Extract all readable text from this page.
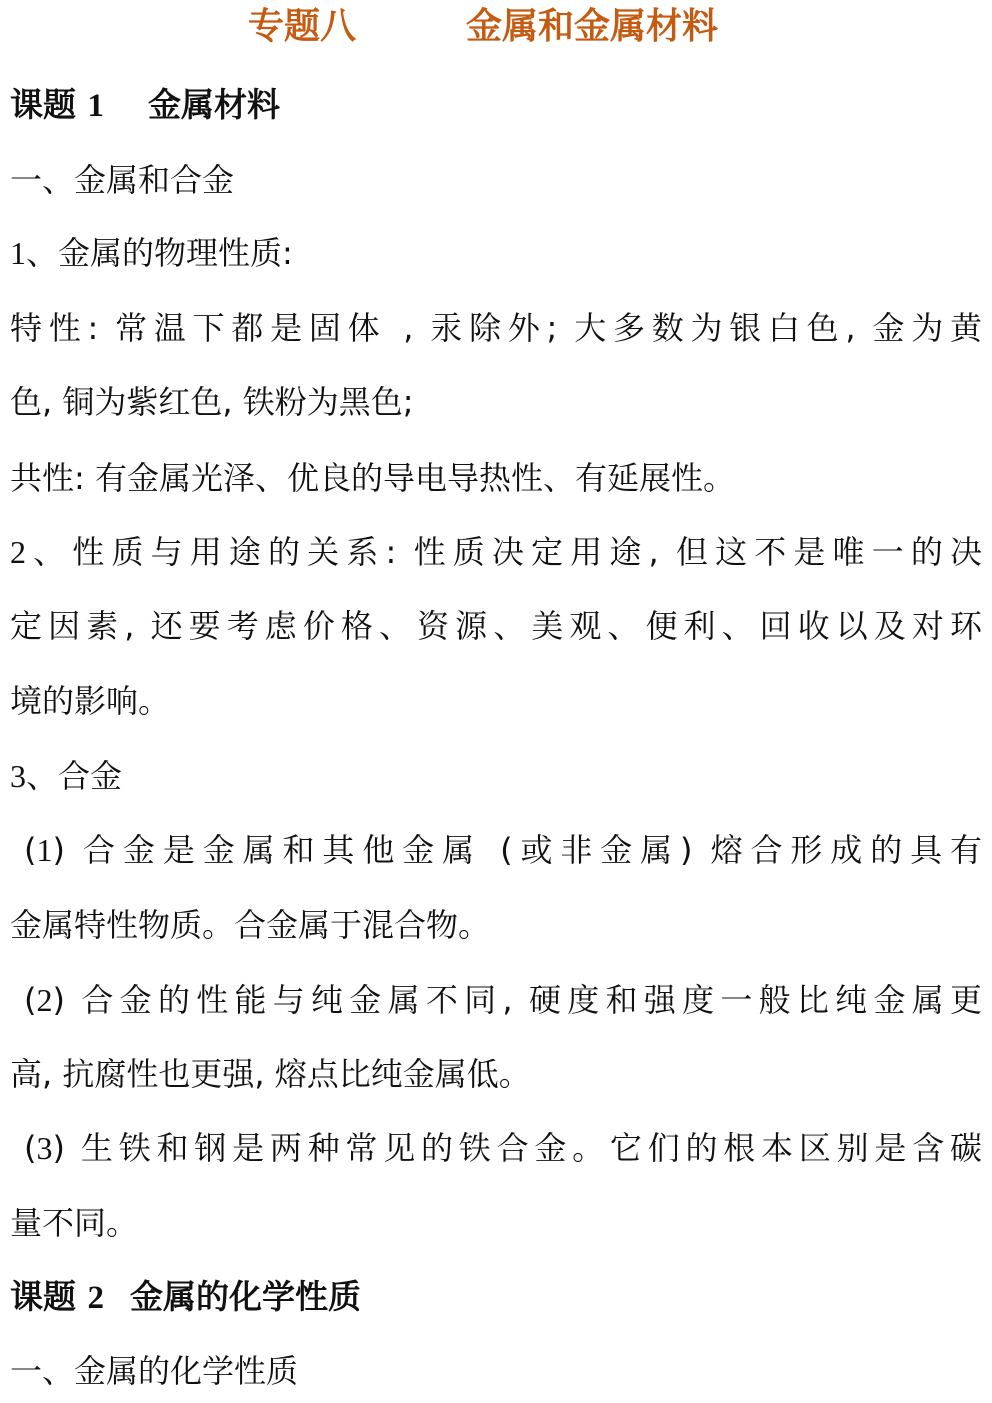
专题八	金属和金属材料
课题 1 金属材料
一、金属和合金
1、金属的物理性质:
特性: 常温下都是固体 , 汞除外; 大多数为银白色, 金为黄
色, 铜为紫红色, 铁粉为黑色;
共性: 有金属光泽、优良的导电导热性、有延展性。
2、性质与用途的关系: 性质决定用途, 但这不是唯一的决
定因素, 还要考虑价格、资源、美观、便利、回收以及对环
境的影响。
3、合金
(1) 合金是金属和其他金属 (或非金属) 熔合形成的具有
金属特性物质。合金属于混合物。
(2) 合金的性能与纯金属不同, 硬度和强度一般比纯金属更
高, 抗腐性也更强, 熔点比纯金属低。
(3) 生铁和钢是两种常见的铁合金。它们的根本区别是含碳
量不同。
课题 2 金属的化学性质
一、金属的化学性质
